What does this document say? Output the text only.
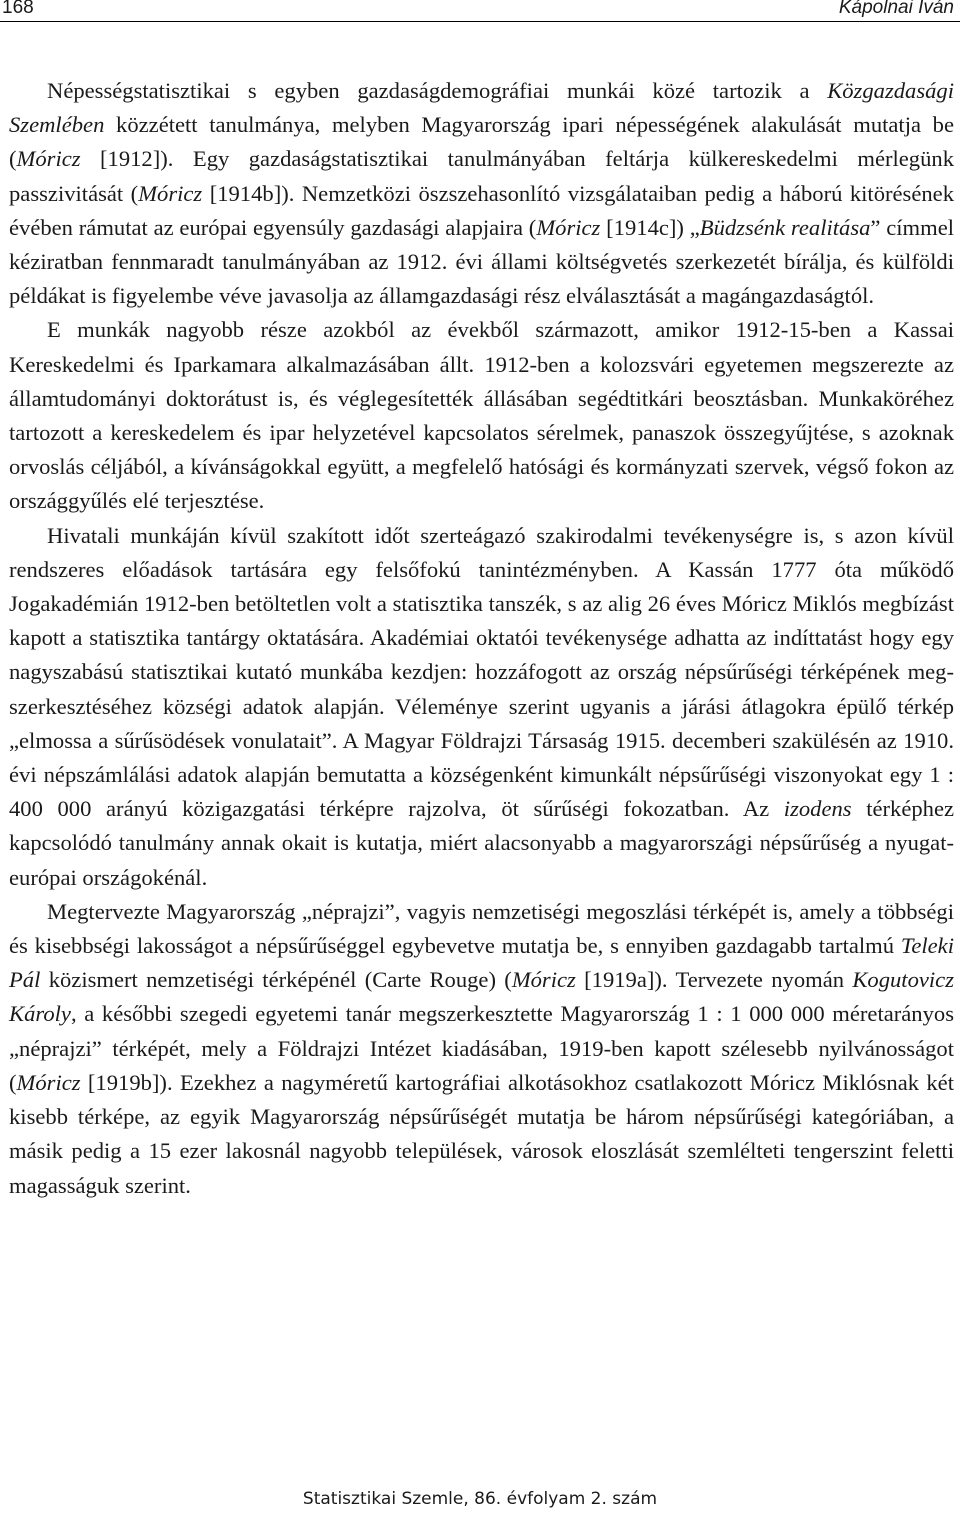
168	Kápolnai Iván

Népességstatisztikai s egyben gazdaságdemográfiai munkái közé tartozik a Közgazdasági Szemlében közzétett tanulmánya, melyben Magyarország ipari népességének alakulását mutatja be (Móricz [1912]). Egy gazdaságstatisztikai tanulmányában feltárja külkereskedelmi mérlegünk passzivitását (Móricz [1914b]). Nemzetközi öszszehasonlító vizsgálataiban pedig a háború kitörésének évében rámutat az európai egyensúly gazdasági alapjaira (Móricz [1914c]) „Büdzsénk realitása” címmel kéziratban fennmaradt tanulmányában az 1912. évi állami költségvetés szerkezetét bírálja, és külföldi példákat is figyelembe véve javasolja az államgazdasági rész elválasztását a magángazdaságtól.

E munkák nagyobb része azokból az évekből származott, amikor 1912-15-ben a Kassai Kereskedelmi és Iparkamara alkalmazásában állt. 1912-ben a kolozsvári egyetemen megszerezte az államtudományi doktorátust is, és véglegesítették állásában segédtitkári beosztásban. Munkaköréhez tartozott a kereskedelem és ipar helyzetével kapcsolatos sérelmek, panaszok összegyűjtése, s azoknak orvoslás céljából, a kívánságokkal együtt, a megfelelő hatósági és kormányzati szervek, végső fokon az országgyűlés elé terjesztése.

Hivatali munkáján kívül szakított időt szerteágazó szakirodalmi tevékenységre is, s azon kívül rendszeres előadások tartására egy felsőfokú tanintézményben. A Kassán 1777 óta működő Jogakadémián 1912-ben betöltetlen volt a statisztika tanszék, s az alig 26 éves Móricz Miklós megbízást kapott a statisztika tantárgy oktatására. Akadémiai oktatói tevékenysége adhatta az indíttatást hogy egy nagyszabású statisztikai kutató munkába kezdjen: hozzáfogott az ország népsűrűségi térképének megszerkesztéséhez községi adatok alapján. Véleménye szerint ugyanis a járási átlagokra épülő térkép „elmossa a sűrűsödések vonulatait”. A Magyar Földrajzi Társaság 1915. decemberi szakülésén az 1910. évi népszámlálási adatok alapján bemutatta a községenként kimunkált népsűrűségi viszonyokat egy 1 : 400 000 arányú közigazgatási térképre rajzolva, öt sűrűségi fokozatban. Az izodens térképhez kapcsolódó tanulmány annak okait is kutatja, miért alacsonyabb a magyarországi népsűrűség a nyugat-európai országokénál.

Megtervezte Magyarország „néprajzi”, vagyis nemzetiségi megoszlási térképét is, amely a többségi és kisebbségi lakosságot a népsűrűséggel egybevetve mutatja be, s ennyiben gazdagabb tartalmú Teleki Pál közismert nemzetiségi térképénél (Carte Rouge) (Móricz [1919a]). Tervezete nyomán Kogutovicz Károly, a későbbi szegedi egyetemi tanár megszerkesztette Magyarország 1 : 1 000 000 méretarányos „néprajzi” térképét, mely a Földrajzi Intézet kiadásában, 1919-ben kapott szélesebb nyilvánosságot (Móricz [1919b]). Ezekhez a nagyméretű kartográfiai alkotásokhoz csatlakozott Móricz Miklósnak két kisebb térképe, az egyik Magyarország népsűrűségét mutatja be három népsűrűségi kategóriában, a másik pedig a 15 ezer lakosnál nagyobb települések, városok eloszlását szemlélteti tengerszint feletti magasságuk szerint.

Statisztikai Szemle, 86. évfolyam 2. szám
